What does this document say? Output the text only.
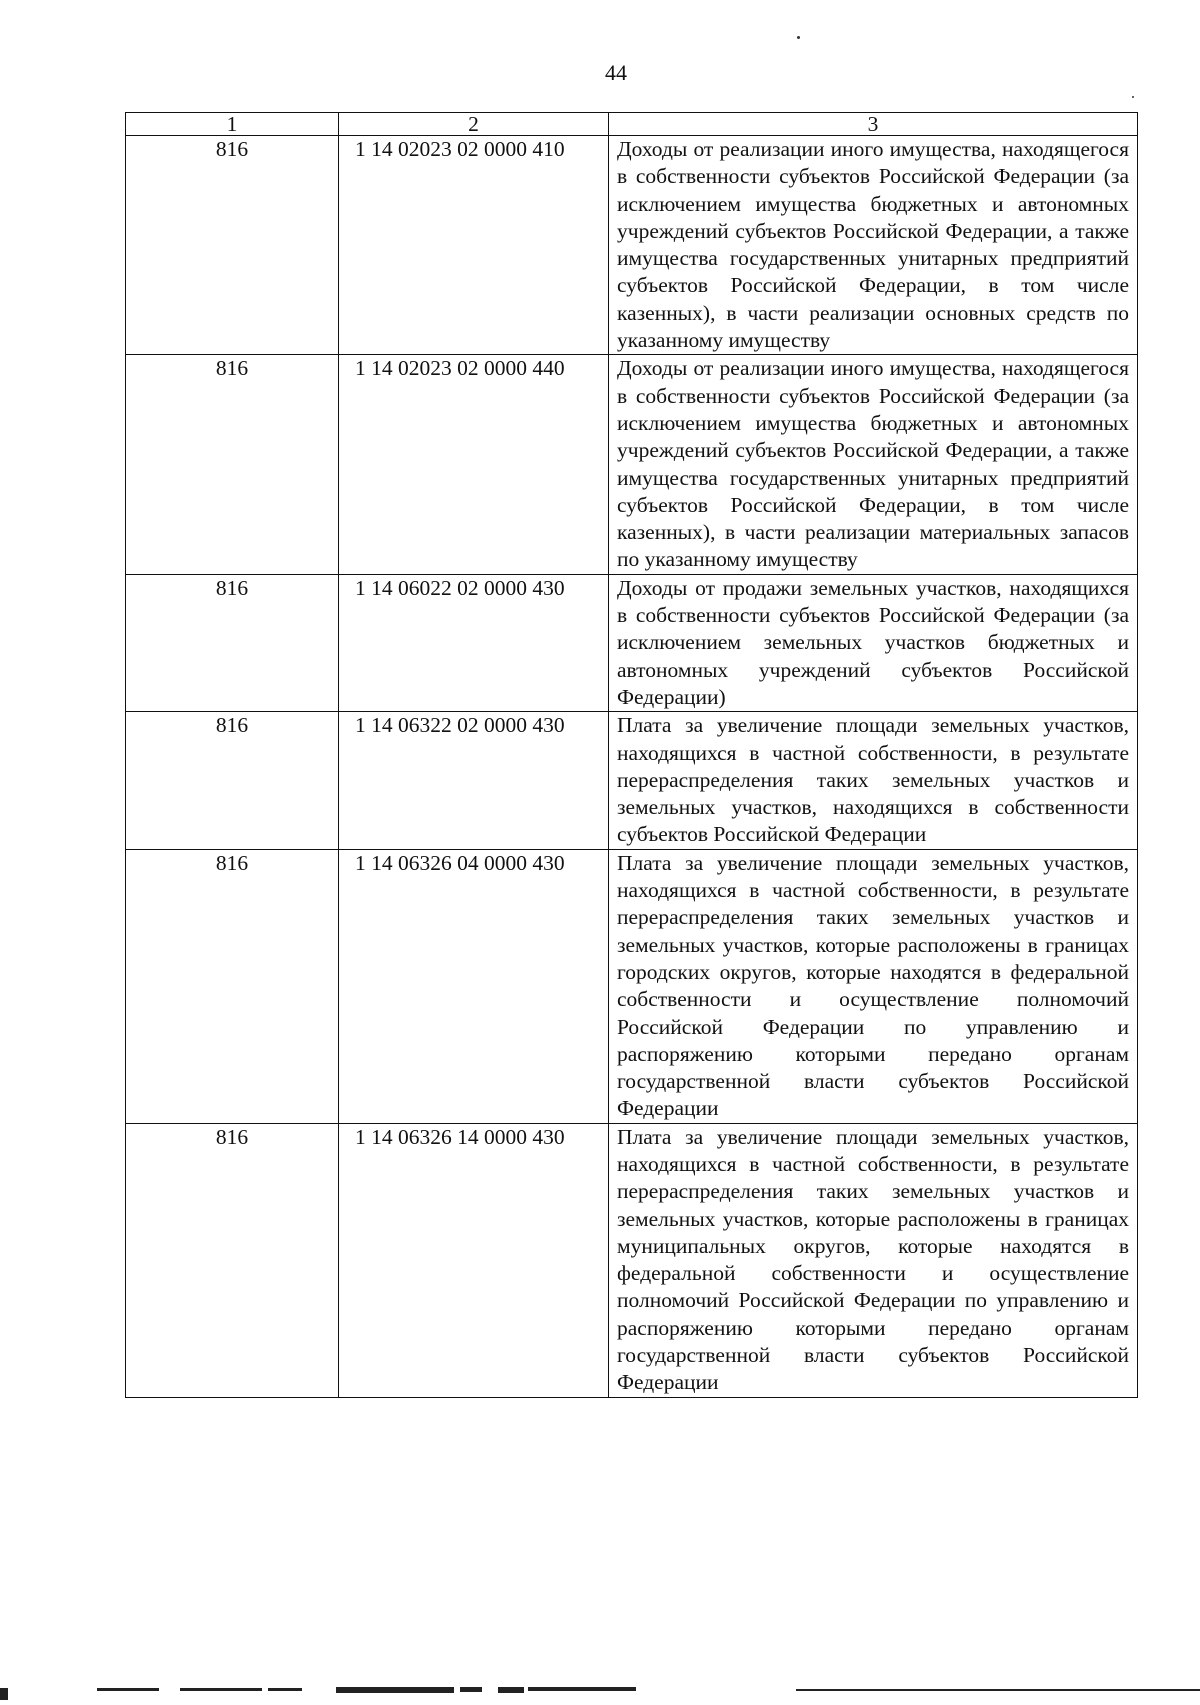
44
1	2	3
816	1 14 02023 02 0000 410	Доходы от реализации иного имущества, находящегося в собственности субъектов Российской Федерации (за исключением имущества бюджетных и автономных учреждений субъектов Российской Федерации, а также имущества государственных унитарных предприятий субъектов Российской Федерации, в том числе казенных), в части реализации основных средств по указанному имуществу
816	1 14 02023 02 0000 440	Доходы от реализации иного имущества, находящегося в собственности субъектов Российской Федерации (за исключением имущества бюджетных и автономных учреждений субъектов Российской Федерации, а также имущества государственных унитарных предприятий субъектов Российской Федерации, в том числе казенных), в части реализации материальных запасов по указанному имуществу
816	1 14 06022 02 0000 430	Доходы от продажи земельных участков, находящихся в собственности субъектов Российской Федерации (за исключением земельных участков бюджетных и автономных учреждений субъектов Российской Федерации)
816	1 14 06322 02 0000 430	Плата за увеличение площади земельных участков, находящихся в частной собственности, в результате перераспределения таких земельных участков и земельных участков, находящихся в собственности субъектов Российской Федерации
816	1 14 06326 04 0000 430	Плата за увеличение площади земельных участков, находящихся в частной собственности, в результате перераспределения таких земельных участков и земельных участков, которые расположены в границах городских округов, которые находятся в федеральной собственности и осуществление полномочий Российской Федерации по управлению и распоряжению которыми передано органам государственной власти субъектов Российской Федерации
816	1 14 06326 14 0000 430	Плата за увеличение площади земельных участков, находящихся в частной собственности, в результате перераспределения таких земельных участков и земельных участков, которые расположены в границах муниципальных округов, которые находятся в федеральной собственности и осуществление полномочий Российской Федерации по управлению и распоряжению которыми передано органам государственной власти субъектов Российской Федерации
